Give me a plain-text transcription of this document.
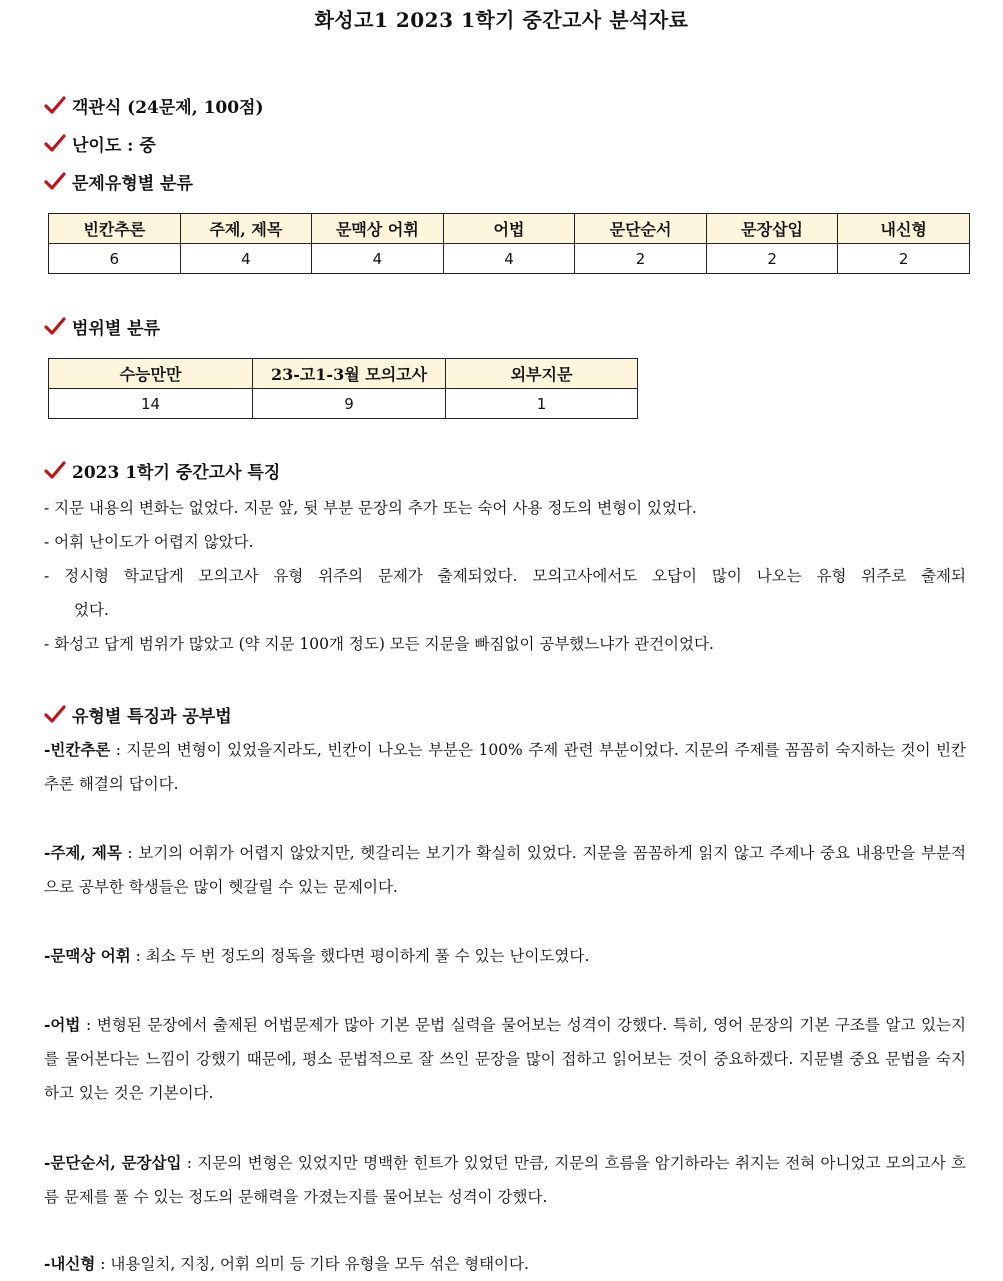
화성고1 2023 1학기 중간고사 분석자료
객관식 (24문제, 100점)
난이도 : 중
문제유형별 분류
빈칸추론	주제, 제목	문맥상 어휘	어법	문단순서	문장삽입	내신형
6	4	4	4	2	2	2
범위별 분류
수능만만	23-고1-3월 모의고사	외부지문
14	9	1
2023 1학기 중간고사 특징
- 지문 내용의 변화는 없었다. 지문 앞, 뒷 부분 문장의 추가 또는 숙어 사용 정도의 변형이 있었다.
- 어휘 난이도가 어렵지 않았다.
- 정시형 학교답게 모의고사 유형 위주의 문제가 출제되었다. 모의고사에서도 오답이 많이 나오는 유형 위주로 출제되
었다.
- 화성고 답게 범위가 많았고 (약 지문 100개 정도) 모든 지문을 빠짐없이 공부했느냐가 관건이었다.
유형별 특징과 공부법
-빈칸추론 : 지문의 변형이 있었을지라도, 빈칸이 나오는 부분은 100% 주제 관련 부분이었다. 지문의 주제를 꼼꼼히 숙지하는 것이 빈칸추론 해결의 답이다.
-주제, 제목 : 보기의 어휘가 어렵지 않았지만, 헷갈리는 보기가 확실히 있었다. 지문을 꼼꼼하게 읽지 않고 주제나 중요 내용만을 부분적으로 공부한 학생들은 많이 헷갈릴 수 있는 문제이다.
-문맥상 어휘 : 최소 두 번 정도의 정독을 했다면 평이하게 풀 수 있는 난이도였다.
-어법 : 변형된 문장에서 출제된 어법문제가 많아 기본 문법 실력을 물어보는 성격이 강했다. 특히, 영어 문장의 기본 구조를 알고 있는지를 물어본다는 느낌이 강했기 때문에, 평소 문법적으로 잘 쓰인 문장을 많이 접하고 읽어보는 것이 중요하겠다. 지문별 중요 문법을 숙지하고 있는 것은 기본이다.
-문단순서, 문장삽입 : 지문의 변형은 있었지만 명백한 힌트가 있었던 만큼, 지문의 흐름을 암기하라는 취지는 전혀 아니었고 모의고사 흐름 문제를 풀 수 있는 정도의 문해력을 가졌는지를 물어보는 성격이 강했다.
-내신형 : 내용일치, 지칭, 어휘 의미 등 기타 유형을 모두 섞은 형태이다.
